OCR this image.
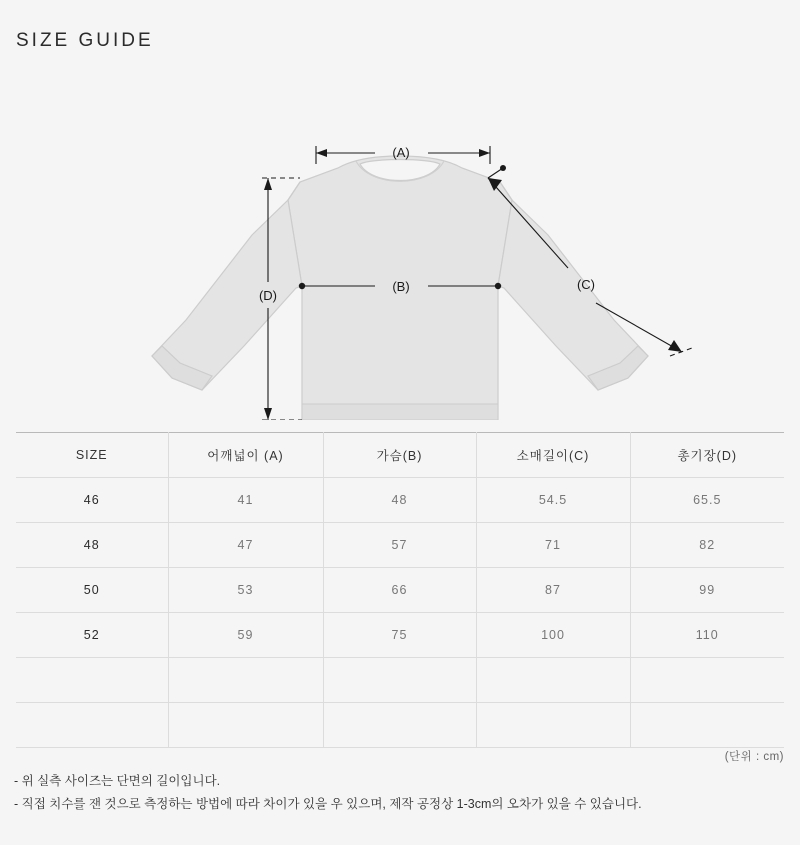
SIZE GUIDE
(A)
(B)	(C)
(D)
SIZE	어깨넓이 (A)	가슴(B)	소매길이(C)	총기장(D)
46	41	48	54.5	65.5
48	47	57	71	82
50	53	66	87	99
52	59	75	100	110

(단위 : cm)
- 위 실측 사이즈는 단면의 길이입니다.
- 직접 치수를 잰 것으로 측정하는 방법에 따라 차이가 있을 우 있으며, 제작 공정상 1-3cm의 오차가 있을 수 있습니다.
